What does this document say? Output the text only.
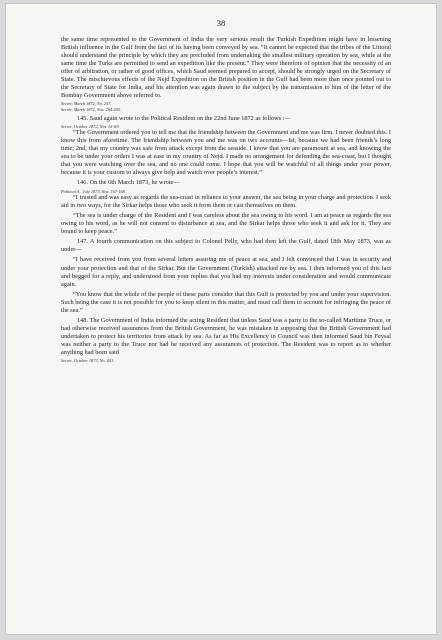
38

the same time represented to the Government of India the very serious result the Turkish Expedition might have in lessening British influence in the Gulf from the fact of its having been conveyed by sea. “It cannot be expected that the tribes of the Littoral should understand the principle by which they are precluded from undertaking the smallest military operation by sea, while at the same time the Turks are permitted to send an expedition like the present.” They were therefore of opinion that the necessity of an offer of arbitration, or rather of good offices, which Saud seemed prepared to accept, should be strongly urged on the Secretary of State. The mischievous effects of the Nejd Expedition on the British position in the Gulf had been more than once pointed out to the Secretary of State for India, and his attention was again drawn to the subject by the transmission to him of the letter of the Bombay Government above referred to.

Secret, March 1872, No. 257.
Secret, March 1872, Nos. 204-205.

145. Saud again wrote to the Political Resident on the 22nd June 1872 as follows :—

Secret, October 1872, Nos. 61-69.

“The Government ordered you to tell me that the friendship between the Government and me was firm. I never doubted this. I know this from aforetime. The friendship between you and me was on two accounts—Ist, because we had been friends’s long time; 2nd, that my country was safe from attack except from the seaside. I know that you are paramount at sea, and knowing the sea to be under your orders I was at ease in my country of Nejd. I made no arrangement for defending the sea-coast, but I thought that you were watching over the sea, and no one could come. I hope that you will be watchful of all things under your power, because it is your custom to always give help and watch over people’s interest.”

146. On the 6th March 1873, he wrote—

Political A., July 1873, Nos. 167-168.

“I trusted and was easy as regards the sea-coast in reliance to your answer, the sea being in your charge and protection. I seek aid in two ways, for the Sirkar helps those who seek it from them or cast themselves on them.

“The sea is under charge of the Resident and I was careless about the sea owing to his word. I am at peace as regards the sea owing to his word, as he will not consent to disturbance at sea, and the Sirkar helps those who seek it and ask for it. They are bound to keep peace.”

147. A fourth communication on this subject to Colonel Pelly, who had then left the Gulf, dated 18th May 1873, was as under—

“I have received from you from several letters assuring me of peace at sea, and I felt convinced that I was in security and under your protection and that of the Sirkar. But the Government (Turkish) attacked me by sea. I then informed you of this fact and begged for a reply, and understood from your replies that you had my interests under consideration and would communicate again.

“You know that the whole of the people of these parts consider that this Gulf is protected by you and under your supervision. Such being the case it is not possible for you to keep silent in this matter, and must call them to account for infringing the peace of the sea.”

148. The Government of India informed the acting Resident that unless Saud was a party to the so-called Maritime Truce, or had otherwise received assurances from the British Government, he was mistaken in supposing that the British Government had undertaken to protect his territories from attack by sea. As far as His Excellency in Council was then informed Saud bin Feysal was neither a party to the Truce nor had he received any assurances of protection. The Resident was to report as to whether anything had been said

Secret, October 1873, No. 441.
